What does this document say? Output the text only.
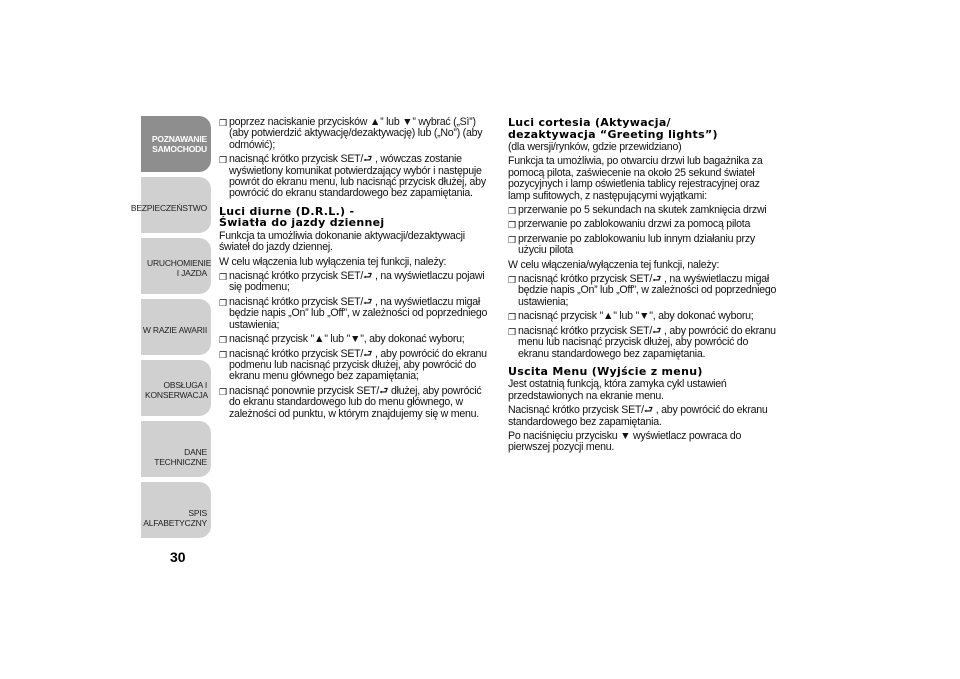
POZNAWANIE SAMOCHODU
BEZPIECZEŃSTWO
URUCHOMIENIE I JAZDA
W RAZIE AWARII
OBSŁUGA I KONSERWACJA
DANE TECHNICZNE
SPIS ALFABETYCZNY
30
❒ poprzez naciskanie przycisków ▲” lub ▼” wybrać („Sì”) (aby potwierdzić aktywację/dezaktywację) lub („No”) (aby odmówić);
❒ nacisnąć krótko przycisk SET/⮐ , wówczas zostanie wyświetlony komunikat potwierdzający wybór i następuje powrót do ekranu menu, lub nacisnąć przycisk dłużej, aby powrócić do ekranu standardowego bez zapamiętania.
Luci diurne (D.R.L.) -
Światła do jazdy dziennej
Funkcja ta umożliwia dokonanie aktywacji/dezaktywacji świateł do jazdy dziennej.
W celu włączenia lub wyłączenia tej funkcji, należy:
❒ nacisnąć krótko przycisk SET/⮐ , na wyświetlaczu pojawi się podmenu;
❒ nacisnąć krótko przycisk SET/⮐ , na wyświetlaczu migał będzie napis „On” lub „Off”, w zależności od poprzedniego ustawienia;
❒ nacisnąć przycisk "▲" lub "▼", aby dokonać wyboru;
❒ nacisnąć krótko przycisk SET/⮐ , aby powrócić do ekranu podmenu lub nacisnąć przycisk dłużej, aby powrócić do ekranu menu głównego bez zapamiętania;
❒ nacisnąć ponownie przycisk SET/⮐ dłużej, aby powrócić do ekranu standardowego lub do menu głównego, w zależności od punktu, w którym znajdujemy się w menu.
Luci cortesia (Aktywacja/
dezaktywacja “Greeting lights”)
(dla wersji/rynków, gdzie przewidziano)
Funkcja ta umożliwia, po otwarciu drzwi lub bagażnika za pomocą pilota, zaświecenie na około 25 sekund świateł pozycyjnych i lamp oświetlenia tablicy rejestracyjnej oraz lamp sufitowych, z następującymi wyjątkami:
❒ przerwanie po 5 sekundach na skutek zamknięcia drzwi
❒ przerwanie po zablokowaniu drzwi za pomocą pilota
❒ przerwanie po zablokowaniu lub innym działaniu przy użyciu pilota
W celu włączenia/wyłączenia tej funkcji, należy:
❒ nacisnąć krótko przycisk SET/⮐ , na wyświetlaczu migał będzie napis „On” lub „Off”, w zależności od poprzedniego ustawienia;
❒ nacisnąć przycisk "▲" lub "▼", aby dokonać wyboru;
❒ nacisnąć krótko przycisk SET/⮐ , aby powrócić do ekranu menu lub nacisnąć przycisk dłużej, aby powrócić do ekranu standardowego bez zapamiętania.
Uscita Menu (Wyjście z menu)
Jest ostatnią funkcją, która zamyka cykl ustawień przedstawionych na ekranie menu.
Nacisnąć krótko przycisk SET/⮐ , aby powrócić do ekranu standardowego bez zapamiętania.
Po naciśnięciu przycisku ▼ wyświetlacz powraca do pierwszej pozycji menu.
